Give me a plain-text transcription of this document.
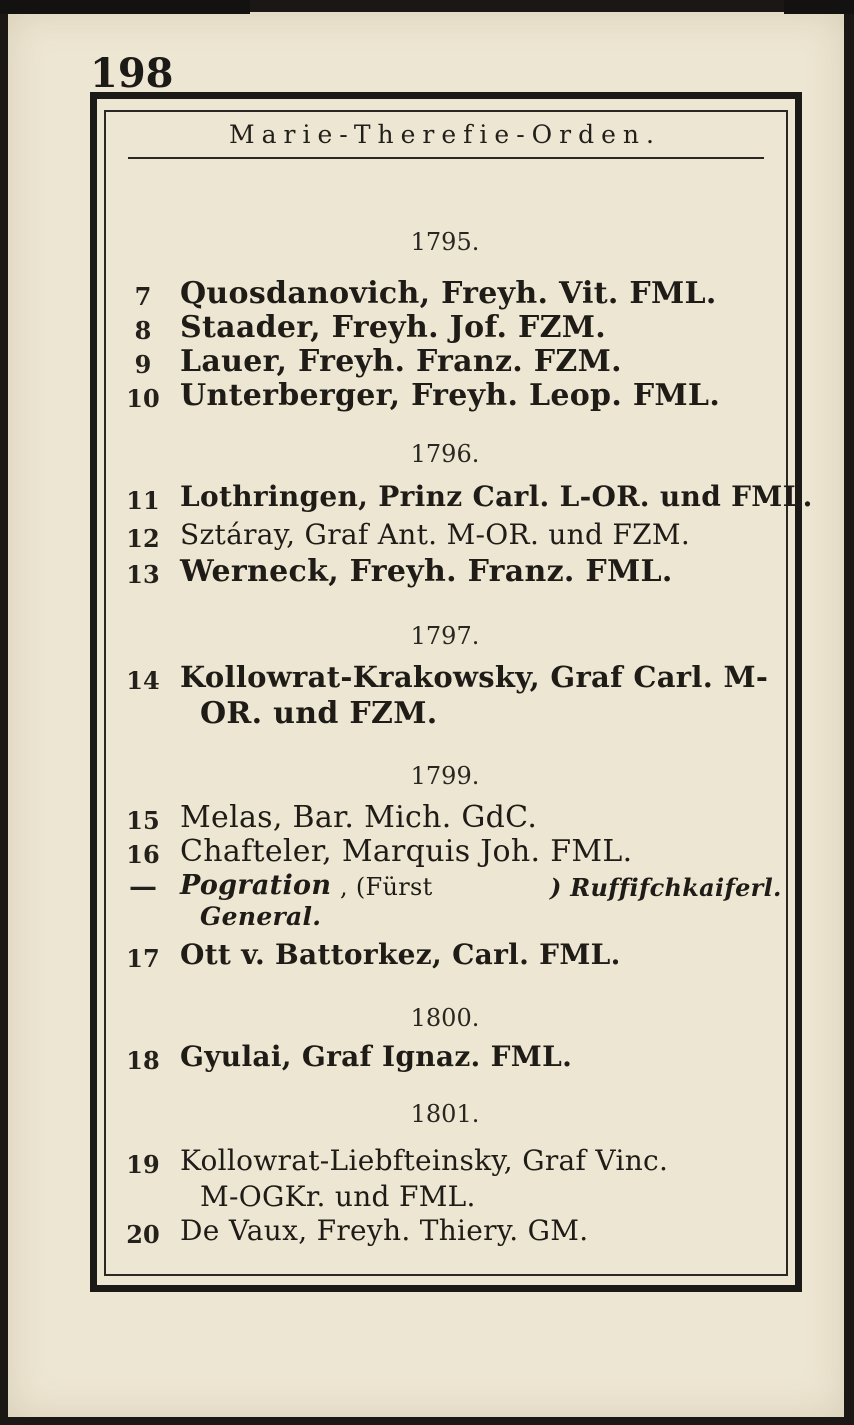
198
Marie-Therefie-Orden.

1795.

7 Quosdanovich, Freyh. Vit. FML.
8 Staader, Freyh. Jof. FZM.
9 Lauer, Freyh. Franz. FZM.
10 Unterberger, Freyh. Leop. FML.

1796.

11 Lothringen, Prinz Carl. L-OR. und FML.
12 Sztáray, Graf Ant. M-OR. und FZM.
13 Werneck, Freyh. Franz. FML.

1797.

14 Kollowrat-Krakowsky, Graf Carl. M-
OR. und FZM.

1799.

15 Melas, Bar. Mich. GdC.
16 Chafteler, Marquis Joh. FML.
— Pogration , (Fürst	) Ruffifchkaiferl.
General.
17 Ott v. Battorkez, Carl. FML.

1800.

18 Gyulai, Graf Ignaz. FML.

1801.

19 Kollowrat-Liebfteinsky, Graf Vinc.
M-OGKr. und FML.
20 De Vaux, Freyh. Thiery. GM.
